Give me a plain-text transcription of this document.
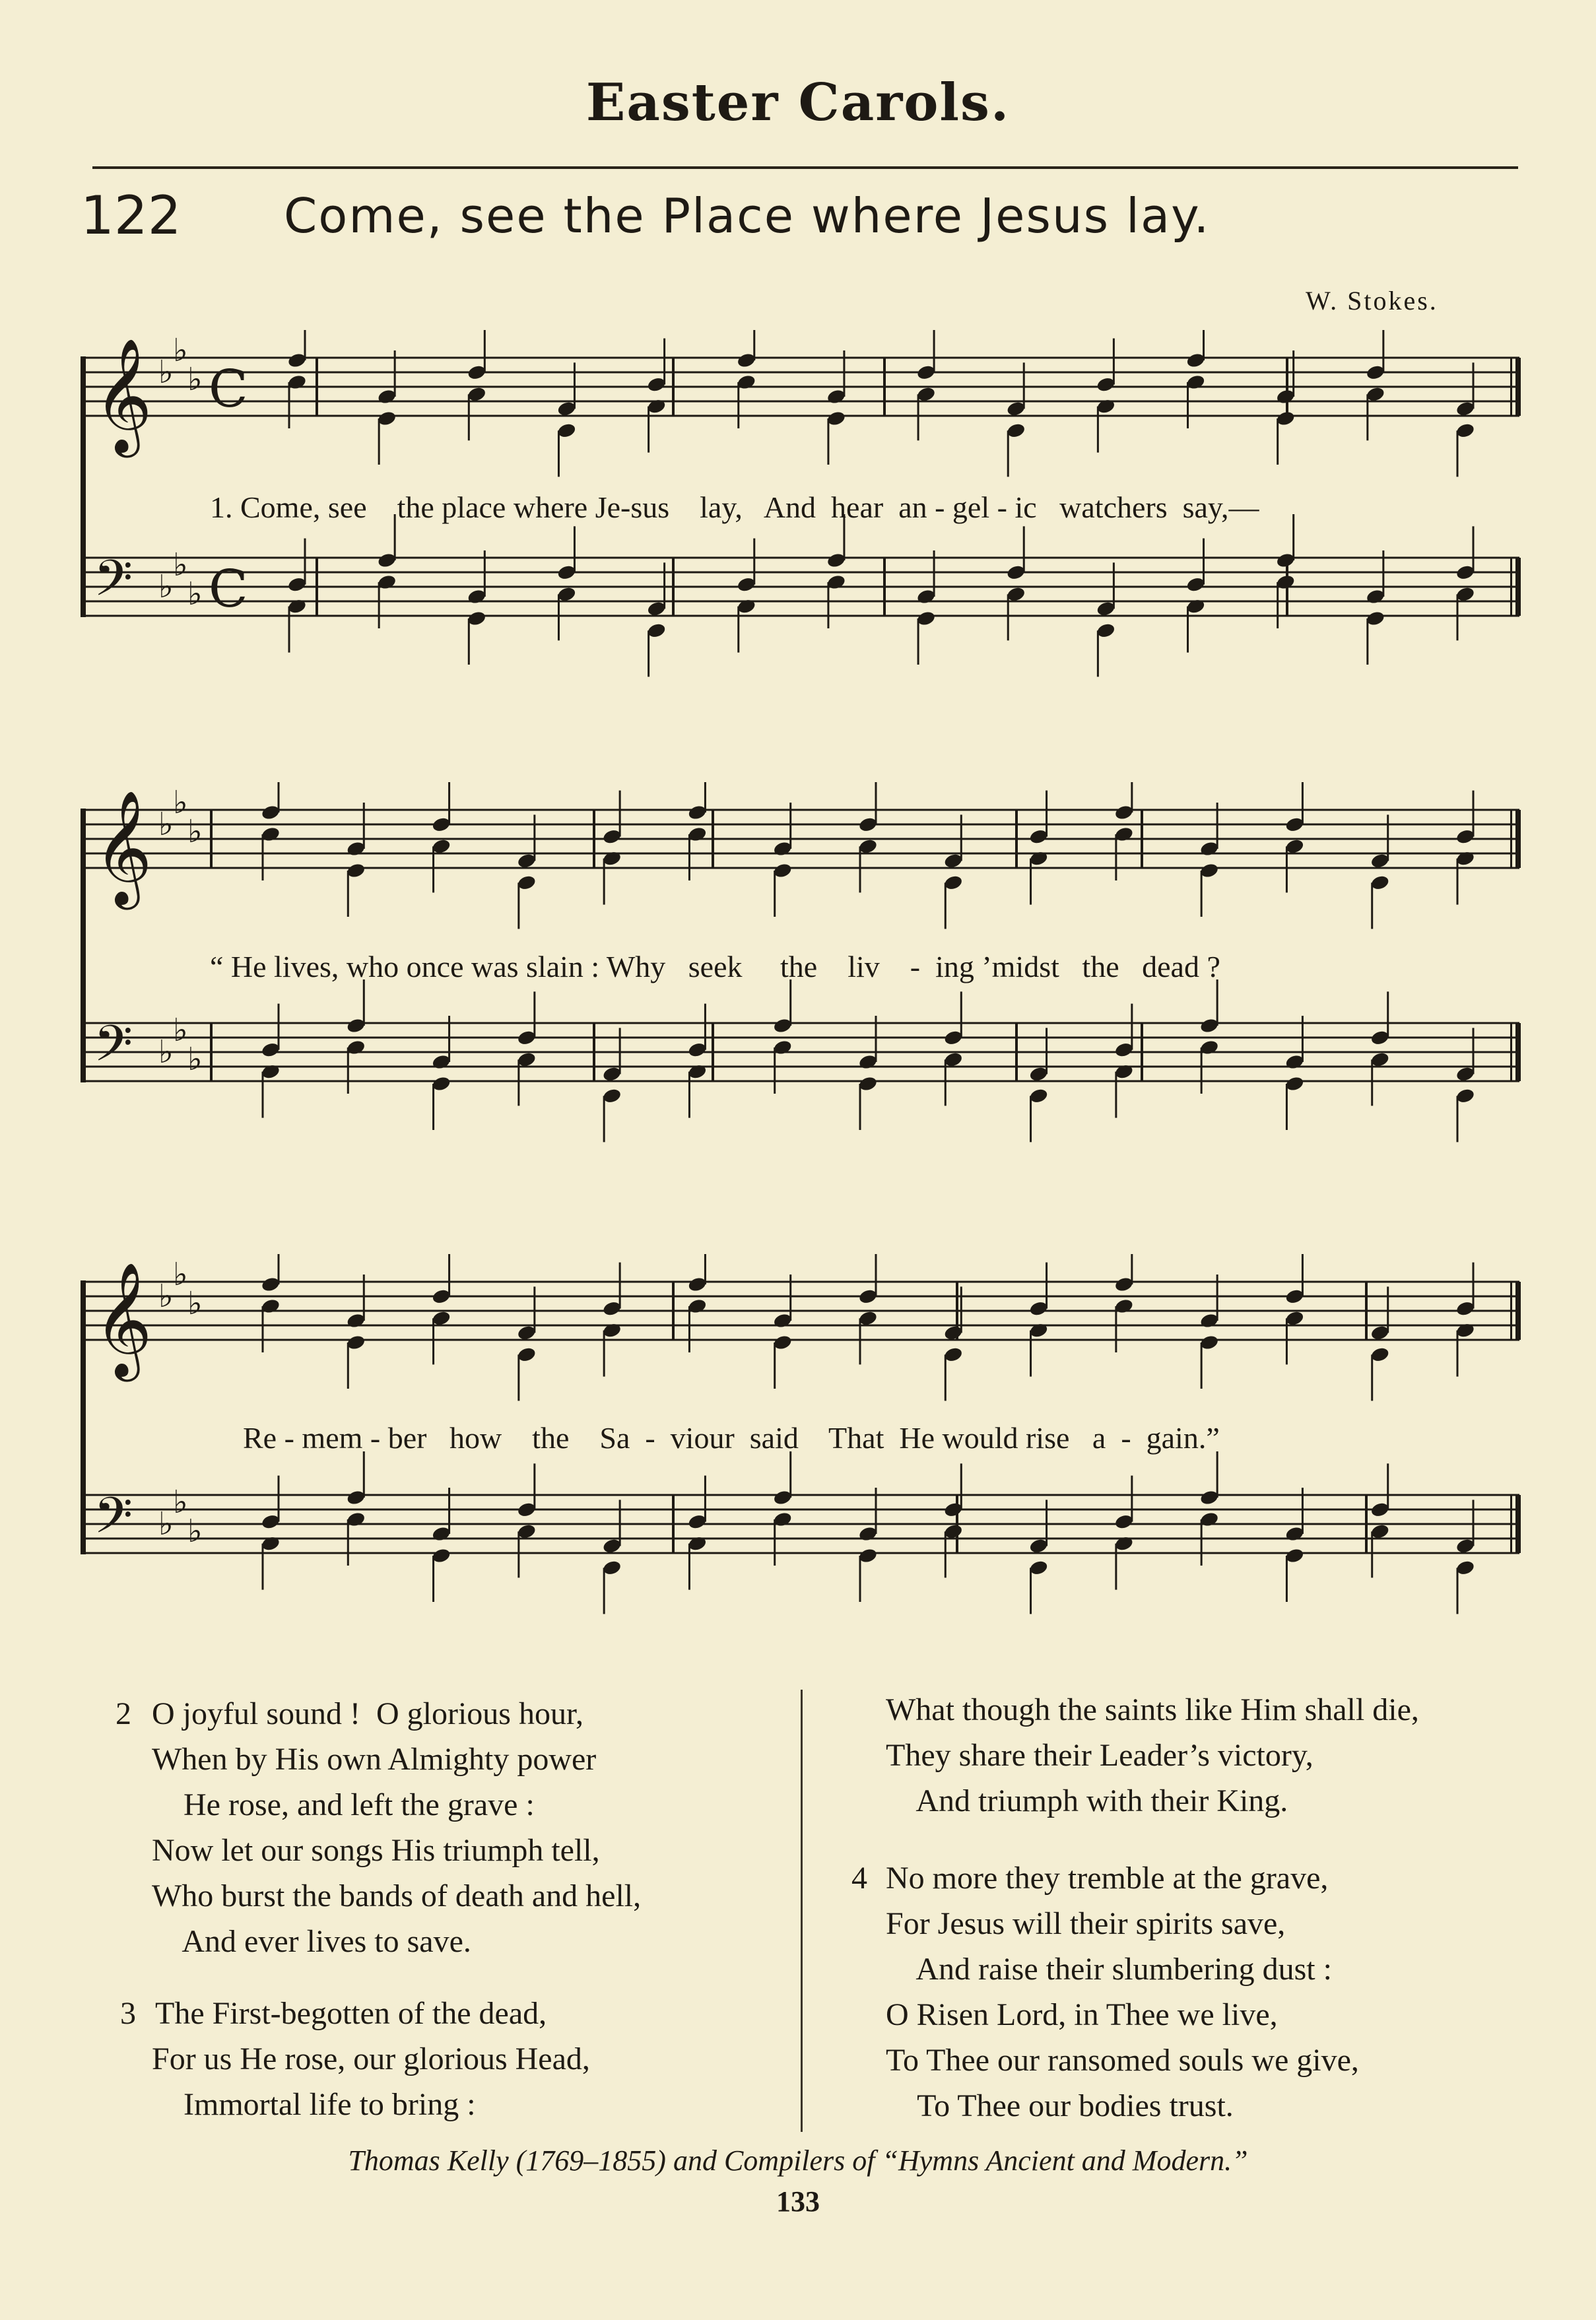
Easter Carols.
122 Come, see the Place where Jesus lay.
W. Stokes.
𝄞 ♭
♭
♭ C
𝄢 ♭
♭
♭ C
1. Come, see    the place where Je-sus    lay,   And  hear  an - gel - ic   watchers  say,—
𝄞 ♭
♭
♭
𝄢 ♭
♭
♭
“ He lives, who once was slain : Why   seek     the    liv    -  ing ’midst   the   dead ?
𝄞 ♭
♭
♭
𝄢 ♭
♭
♭
Re - mem - ber   how    the    Sa  -  viour  said    That  He would rise   a  -  gain.”
2 O joyful sound !  O glorious hour,
When by His own Almighty power
He rose, and left the grave :
Now let our songs His triumph tell,
Who burst the bands of death and hell,
And ever lives to save.
3 The First-begotten of the dead,
For us He rose, our glorious Head,
Immortal life to bring :
What though the saints like Him shall die,
They share their Leader’s victory,
And triumph with their King.
4 No more they tremble at the grave,
For Jesus will their spirits save,
And raise their slumbering dust :
O Risen Lord, in Thee we live,
To Thee our ransomed souls we give,
To Thee our bodies trust.
Thomas Kelly (1769–1855) and Compilers of “Hymns Ancient and Modern.”
133
